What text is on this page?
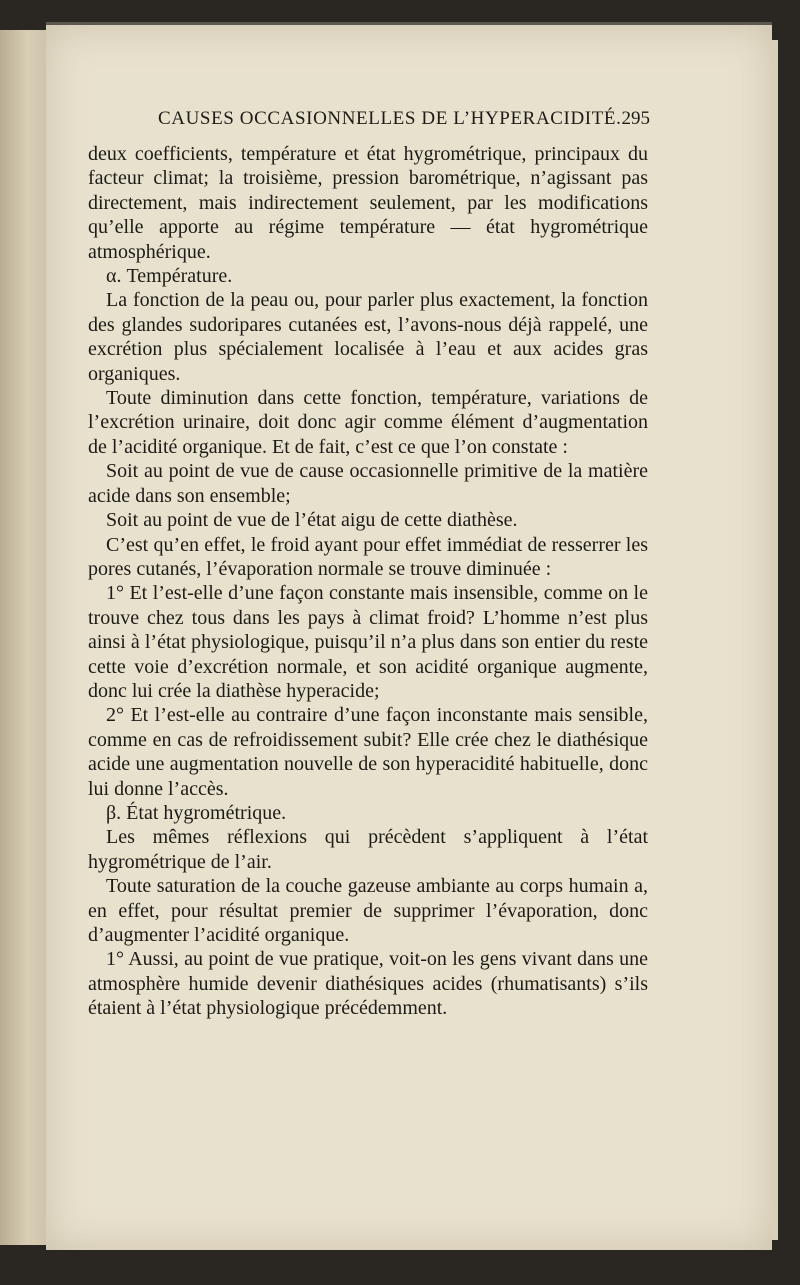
CAUSES OCCASIONNELLES DE L’HYPERACIDITÉ. 295

deux coefficients, température et état hygrométrique, principaux du facteur climat; la troisième, pression barométrique, n’agissant pas directement, mais indirectement seulement, par les modifications qu’elle apporte au régime température — état hygrométrique atmosphérique.

α. Température.

La fonction de la peau ou, pour parler plus exactement, la fonction des glandes sudoripares cutanées est, l’avons-nous déjà rappelé, une excrétion plus spécialement localisée à l’eau et aux acides gras organiques.

Toute diminution dans cette fonction, température, variations de l’excrétion urinaire, doit donc agir comme élément d’augmentation de l’acidité organique. Et de fait, c’est ce que l’on constate :

Soit au point de vue de cause occasionnelle primitive de la matière acide dans son ensemble;

Soit au point de vue de l’état aigu de cette diathèse.

C’est qu’en effet, le froid ayant pour effet immédiat de resserrer les pores cutanés, l’évaporation normale se trouve diminuée :

1° Et l’est-elle d’une façon constante mais insensible, comme on le trouve chez tous dans les pays à climat froid? L’homme n’est plus ainsi à l’état physiologique, puisqu’il n’a plus dans son entier du reste cette voie d’excrétion normale, et son acidité organique augmente, donc lui crée la diathèse hyperacide;

2° Et l’est-elle au contraire d’une façon inconstante mais sensible, comme en cas de refroidissement subit? Elle crée chez le diathésique acide une augmentation nouvelle de son hyperacidité habituelle, donc lui donne l’accès.

β. État hygrométrique.

Les mêmes réflexions qui précèdent s’appliquent à l’état hygrométrique de l’air.

Toute saturation de la couche gazeuse ambiante au corps humain a, en effet, pour résultat premier de supprimer l’évaporation, donc d’augmenter l’acidité organique.

1° Aussi, au point de vue pratique, voit-on les gens vivant dans une atmosphère humide devenir diathésiques acides (rhumatisants) s’ils étaient à l’état physiologique précédemment.
